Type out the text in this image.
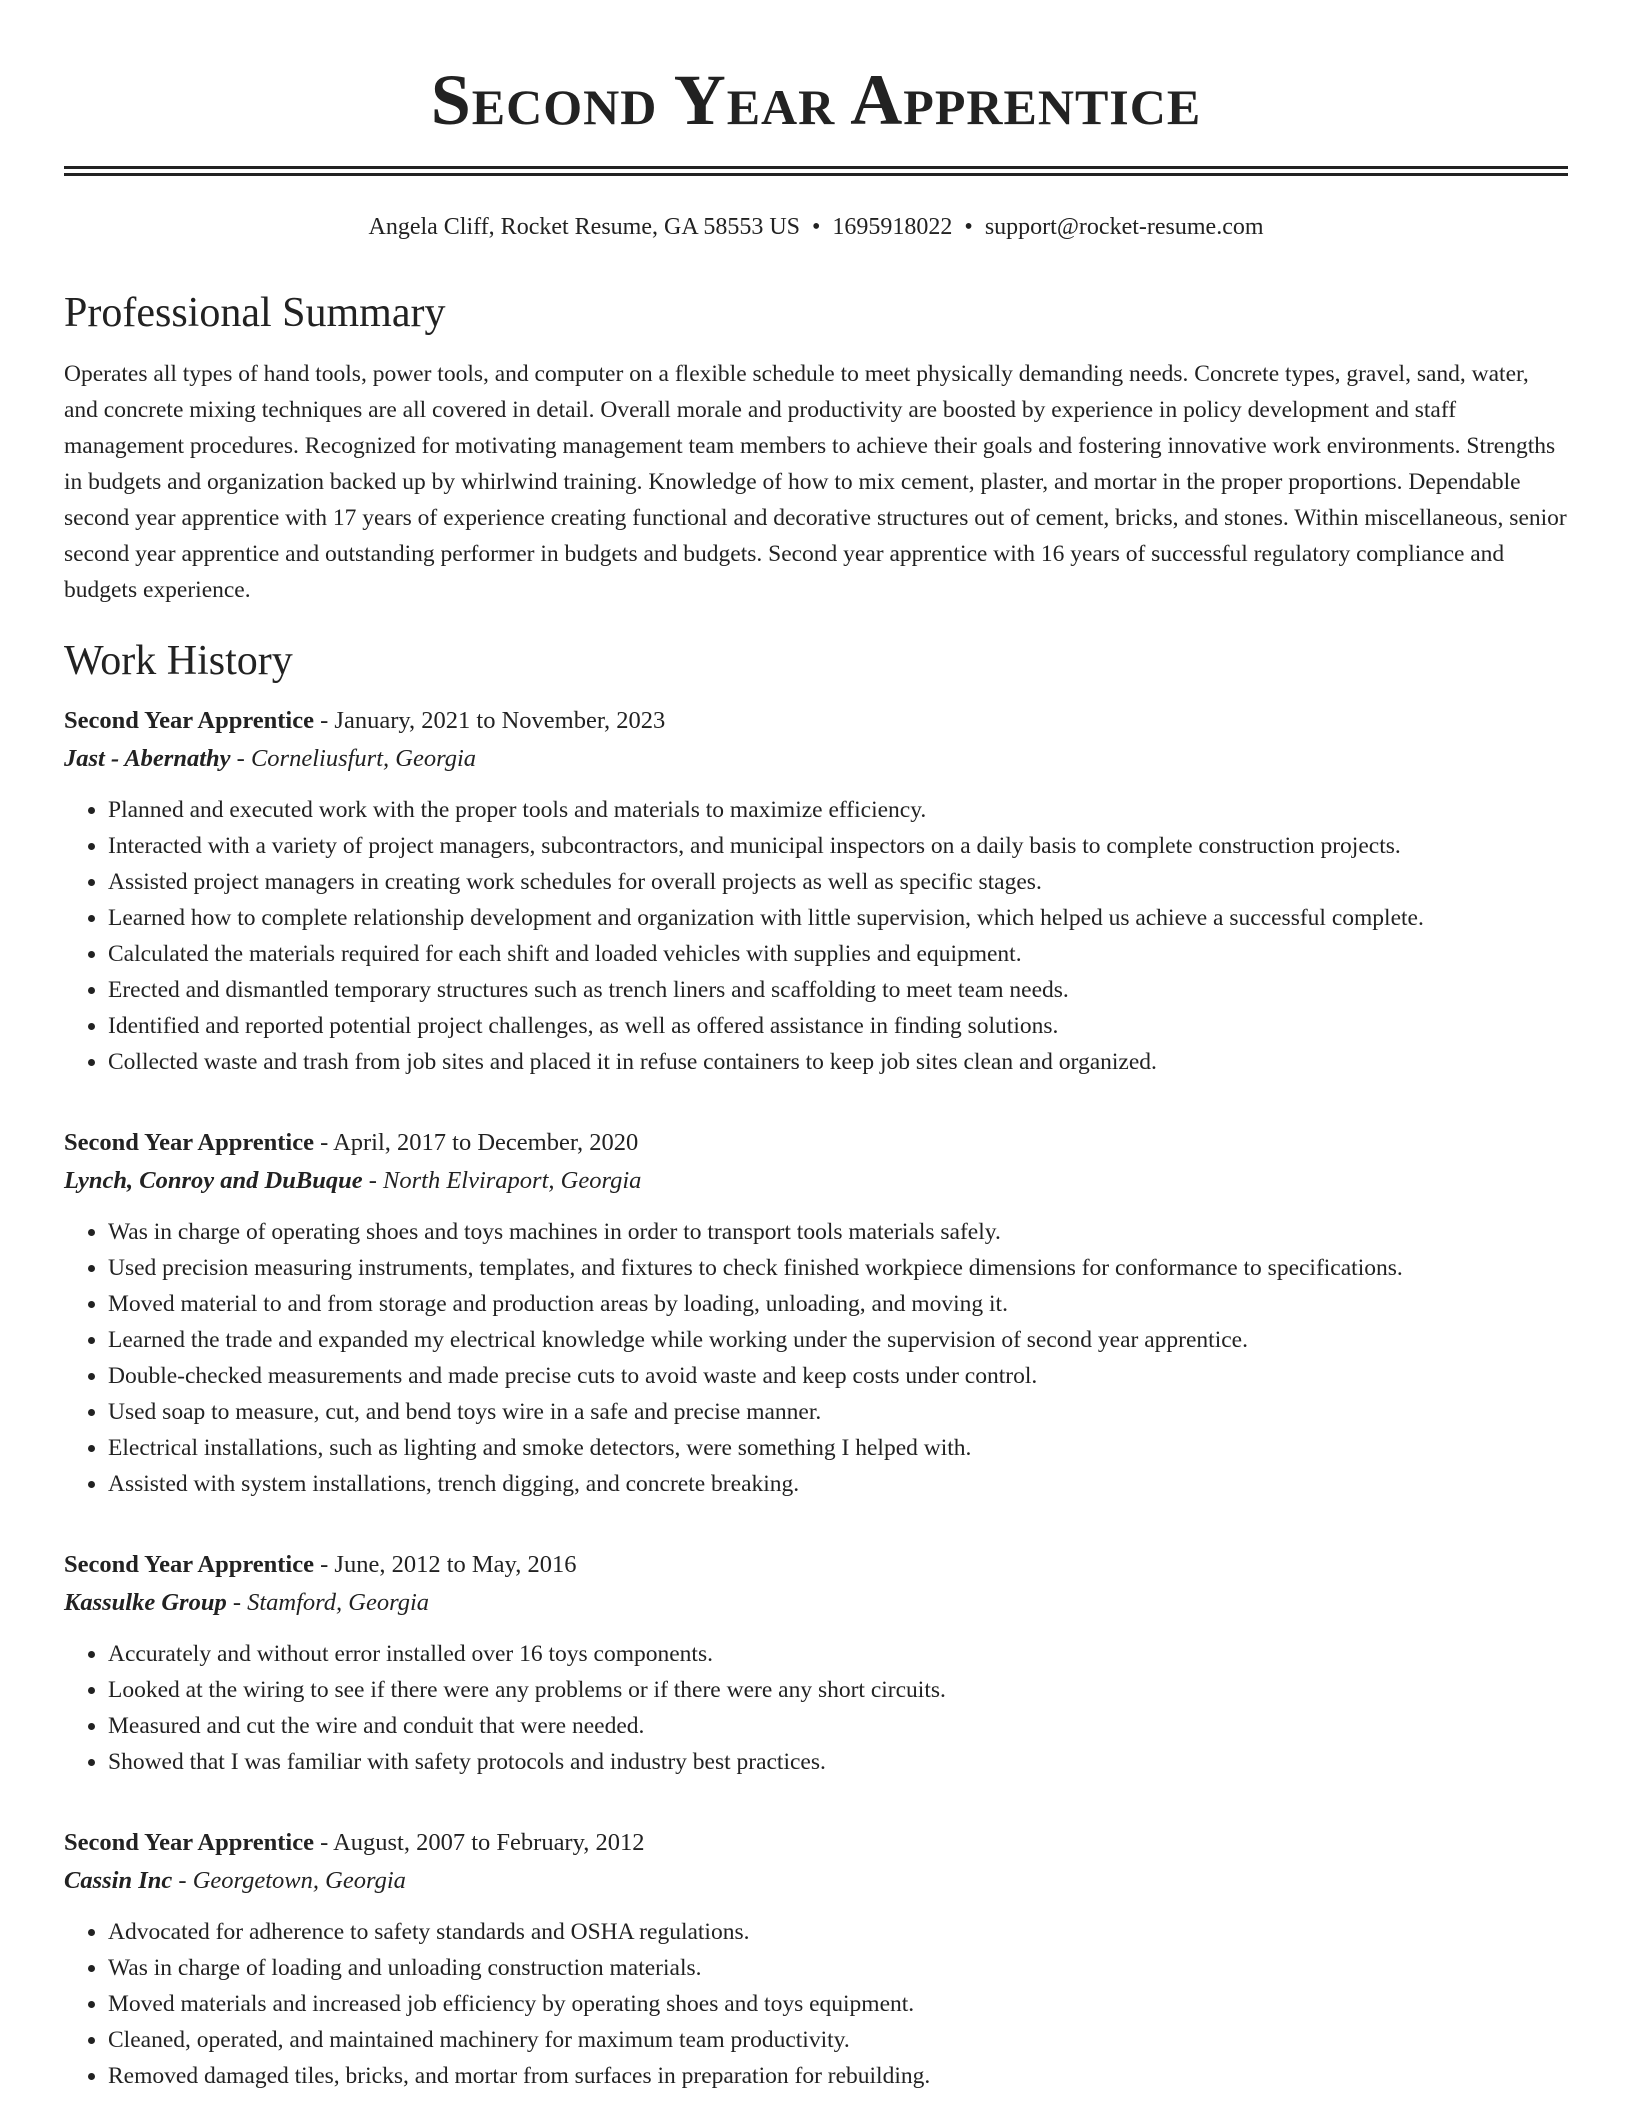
Second Year Apprentice
Angela Cliff, Rocket Resume, GA 58553 US • 1695918022 • support@rocket-resume.com
Professional Summary

Operates all types of hand tools, power tools, and computer on a flexible schedule to meet physically demanding needs. Concrete types, gravel, sand, water, and concrete mixing techniques are all covered in detail. Overall morale and productivity are boosted by experience in policy development and staff management procedures. Recognized for motivating management team members to achieve their goals and fostering innovative work environments. Strengths in budgets and organization backed up by whirlwind training. Knowledge of how to mix cement, plaster, and mortar in the proper proportions. Dependable second year apprentice with 17 years of experience creating functional and decorative structures out of cement, bricks, and stones. Within miscellaneous, senior second year apprentice and outstanding performer in budgets and budgets. Second year apprentice with 16 years of successful regulatory compliance and budgets experience.

Work History
Second Year Apprentice - January, 2021 to November, 2023
Jast - Abernathy - Corneliusfurt, Georgia
• Planned and executed work with the proper tools and materials to maximize efficiency.
• Interacted with a variety of project managers, subcontractors, and municipal inspectors on a daily basis to complete construction projects.
• Assisted project managers in creating work schedules for overall projects as well as specific stages.
• Learned how to complete relationship development and organization with little supervision, which helped us achieve a successful complete.
• Calculated the materials required for each shift and loaded vehicles with supplies and equipment.
• Erected and dismantled temporary structures such as trench liners and scaffolding to meet team needs.
• Identified and reported potential project challenges, as well as offered assistance in finding solutions.
• Collected waste and trash from job sites and placed it in refuse containers to keep job sites clean and organized.
Second Year Apprentice - April, 2017 to December, 2020
Lynch, Conroy and DuBuque - North Elviraport, Georgia
• Was in charge of operating shoes and toys machines in order to transport tools materials safely.
• Used precision measuring instruments, templates, and fixtures to check finished workpiece dimensions for conformance to specifications.
• Moved material to and from storage and production areas by loading, unloading, and moving it.
• Learned the trade and expanded my electrical knowledge while working under the supervision of second year apprentice.
• Double-checked measurements and made precise cuts to avoid waste and keep costs under control.
• Used soap to measure, cut, and bend toys wire in a safe and precise manner.
• Electrical installations, such as lighting and smoke detectors, were something I helped with.
• Assisted with system installations, trench digging, and concrete breaking.
Second Year Apprentice - June, 2012 to May, 2016
Kassulke Group - Stamford, Georgia
• Accurately and without error installed over 16 toys components.
• Looked at the wiring to see if there were any problems or if there were any short circuits.
• Measured and cut the wire and conduit that were needed.
• Showed that I was familiar with safety protocols and industry best practices.
Second Year Apprentice - August, 2007 to February, 2012
Cassin Inc - Georgetown, Georgia
• Advocated for adherence to safety standards and OSHA regulations.
• Was in charge of loading and unloading construction materials.
• Moved materials and increased job efficiency by operating shoes and toys equipment.
• Cleaned, operated, and maintained machinery for maximum team productivity.
• Removed damaged tiles, bricks, and mortar from surfaces in preparation for rebuilding.
